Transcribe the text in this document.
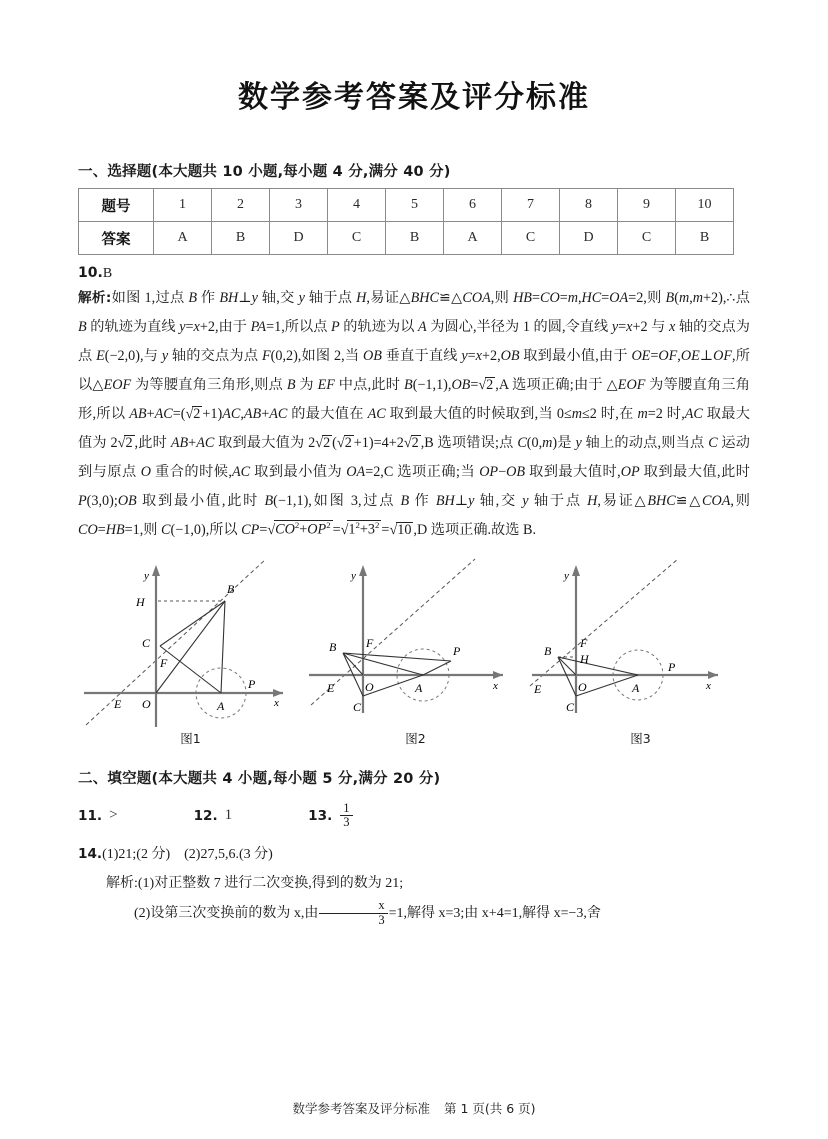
数学参考答案及评分标准
一、选择题(本大题共 10 小题,每小题 4 分,满分 40 分)
题号	1	2	3	4	5	6	7	8	9	10
答案	A	B	D	C	B	A	C	D	C	B
10.B
解析:如图 1,过点 B 作 BH⊥y 轴,交 y 轴于点 H,易证△BHC≌△COA,则 HB=CO=m,HC=OA=2,则 B(m,m+2),∴点 B 的轨迹为直线 y=x+2,由于 PA=1,所以点 P 的轨迹为以 A 为圆心,半径为 1 的圆,令直线 y=x+2 与 x 轴的交点为点 E(−2,0),与 y 轴的交点为点 F(0,2),如图 2,当 OB 垂直于直线 y=x+2,OB 取到最小值,由于 OE=OF,OE⊥OF,所以△EOF 为等腰直角三角形,则点 B 为 EF 中点,此时 B(−1,1),OB=√2 ,A 选项正确;由于 △EOF 为等腰直角三角形,所以 AB+AC=(√2 +1)AC,AB+AC 的最大值在 AC 取到最大值的时候取到,当 0≤m≤2 时,在 m=2 时,AC 取最大值为 2√2 ,此时 AB+AC 取到最大值为 2√2 (√2 +1)=4+2√2 ,B 选项错误;点 C(0,m)是 y 轴上的动点,则当点 C 运动到与原点 O 重合的时候,AC 取到最小值为 OA=2,C 选项正确;当 OP−OB 取到最大值时,OP 取到最大值,此时 P(3,0);OB 取到最小值,此时 B(−1,1),如图 3,过点 B 作 BH⊥y 轴,交 y 轴于点 H,易证△BHC≌△COA,则 CO=HB=1,则 C(−1,0),所以 $CP=√CO^2+OP^2 =√1^2+3^2 =√10$ ,D 选项正确.故选 B.
H
B
C
F
E O	A
P
y
x
图1
B F
P
E	O	A
C
y
x
图2
B
F
H
E	O	A
P
C
y
x
图3
二、填空题(本大题共 4 小题,每小题 5 分,满分 20 分)
11. >	12. 1	13. $\frac{1}{3}$
14.(1)21;(2 分)　(2)27,5,6.(3 分)
解析:(1)对正整数 7 进行二次变换,得到的数为 21;
(2)设第三次变换前的数为 x,由 $\frac{x}{3} =1$,解得 x=3;由 x+4=1,解得 x=−3,舍
数学参考答案及评分标准 第 1 页(共 6 页)
